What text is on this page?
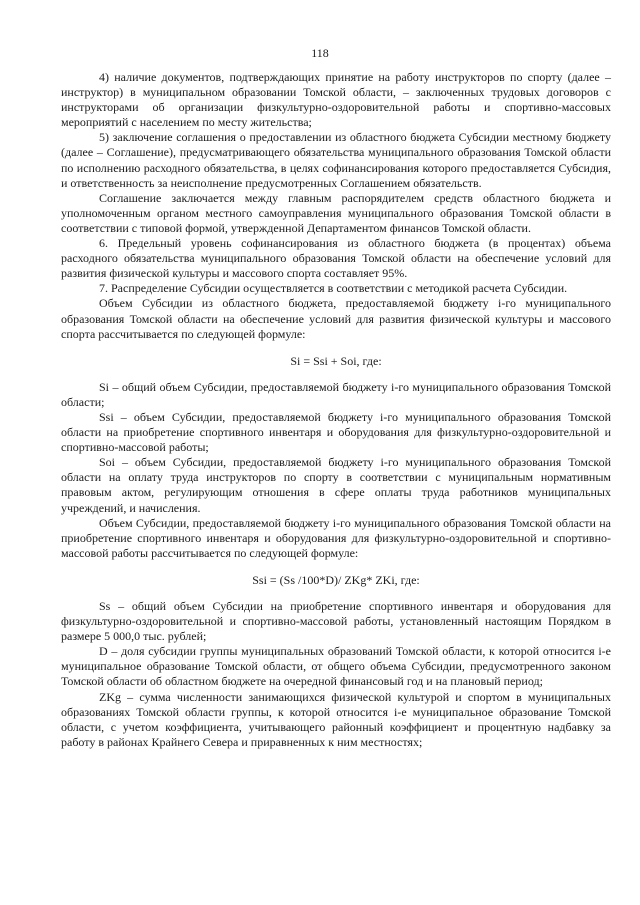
118

4) наличие документов, подтверждающих принятие на работу инструкторов по спорту (далее – инструктор) в муниципальном образовании Томской области, – заключенных трудовых договоров с инструкторами об организации физкультурно-оздоровительной работы и спортивно-массовых мероприятий с населением по месту жительства;

5) заключение соглашения о предоставлении из областного бюджета Субсидии местному бюджету (далее – Соглашение), предусматривающего обязательства муниципального образования Томской области по исполнению расходного обязательства, в целях софинансирования которого предоставляется Субсидия, и ответственность за неисполнение предусмотренных Соглашением обязательств.

Соглашение заключается между главным распорядителем средств областного бюджета и уполномоченным органом местного самоуправления муниципального образования Томской области в соответствии с типовой формой, утвержденной Департаментом финансов Томской области.

6. Предельный уровень софинансирования из областного бюджета (в процентах) объема расходного обязательства муниципального образования Томской области на обеспечение условий для развития физической культуры и массового спорта составляет 95%.

7. Распределение Субсидии осуществляется в соответствии с методикой расчета Субсидии.

Объем Субсидии из областного бюджета, предоставляемой бюджету i-го муниципального образования Томской области на обеспечение условий для развития физической культуры и массового спорта рассчитывается по следующей формуле:

Si = Ssi + Soi, где:

Si – общий объем Субсидии, предоставляемой бюджету i-го муниципального образования Томской области;

Ssi – объем Субсидии, предоставляемой бюджету i-го муниципального образования Томской области на приобретение спортивного инвентаря и оборудования для физкультурно-оздоровительной и спортивно-массовой работы;

Soi – объем Субсидии, предоставляемой бюджету i-го муниципального образования Томской области на оплату труда инструкторов по спорту в соответствии с муниципальным нормативным правовым актом, регулирующим отношения в сфере оплаты труда работников муниципальных учреждений, и начисления.

Объем Субсидии, предоставляемой бюджету i-го муниципального образования Томской области на приобретение спортивного инвентаря и оборудования для физкультурно-оздоровительной и спортивно-массовой работы рассчитывается по следующей формуле:

Ssi = (Ss /100*D)/ ZKg* ZKi, где:

Ss – общий объем Субсидии на приобретение спортивного инвентаря и оборудования для физкультурно-оздоровительной и спортивно-массовой работы, установленный настоящим Порядком в размере 5 000,0 тыс. рублей;

D – доля субсидии группы муниципальных образований Томской области, к которой относится i-е муниципальное образование Томской области, от общего объема Субсидии, предусмотренного законом Томской области об областном бюджете на очередной финансовый год и на плановый период;

ZKg – сумма численности занимающихся физической культурой и спортом в муниципальных образованиях Томской области группы, к которой относится i-е муниципальное образование Томской области, с учетом коэффициента, учитывающего районный коэффициент и процентную надбавку за работу в районах Крайнего Севера и приравненных к ним местностях;
